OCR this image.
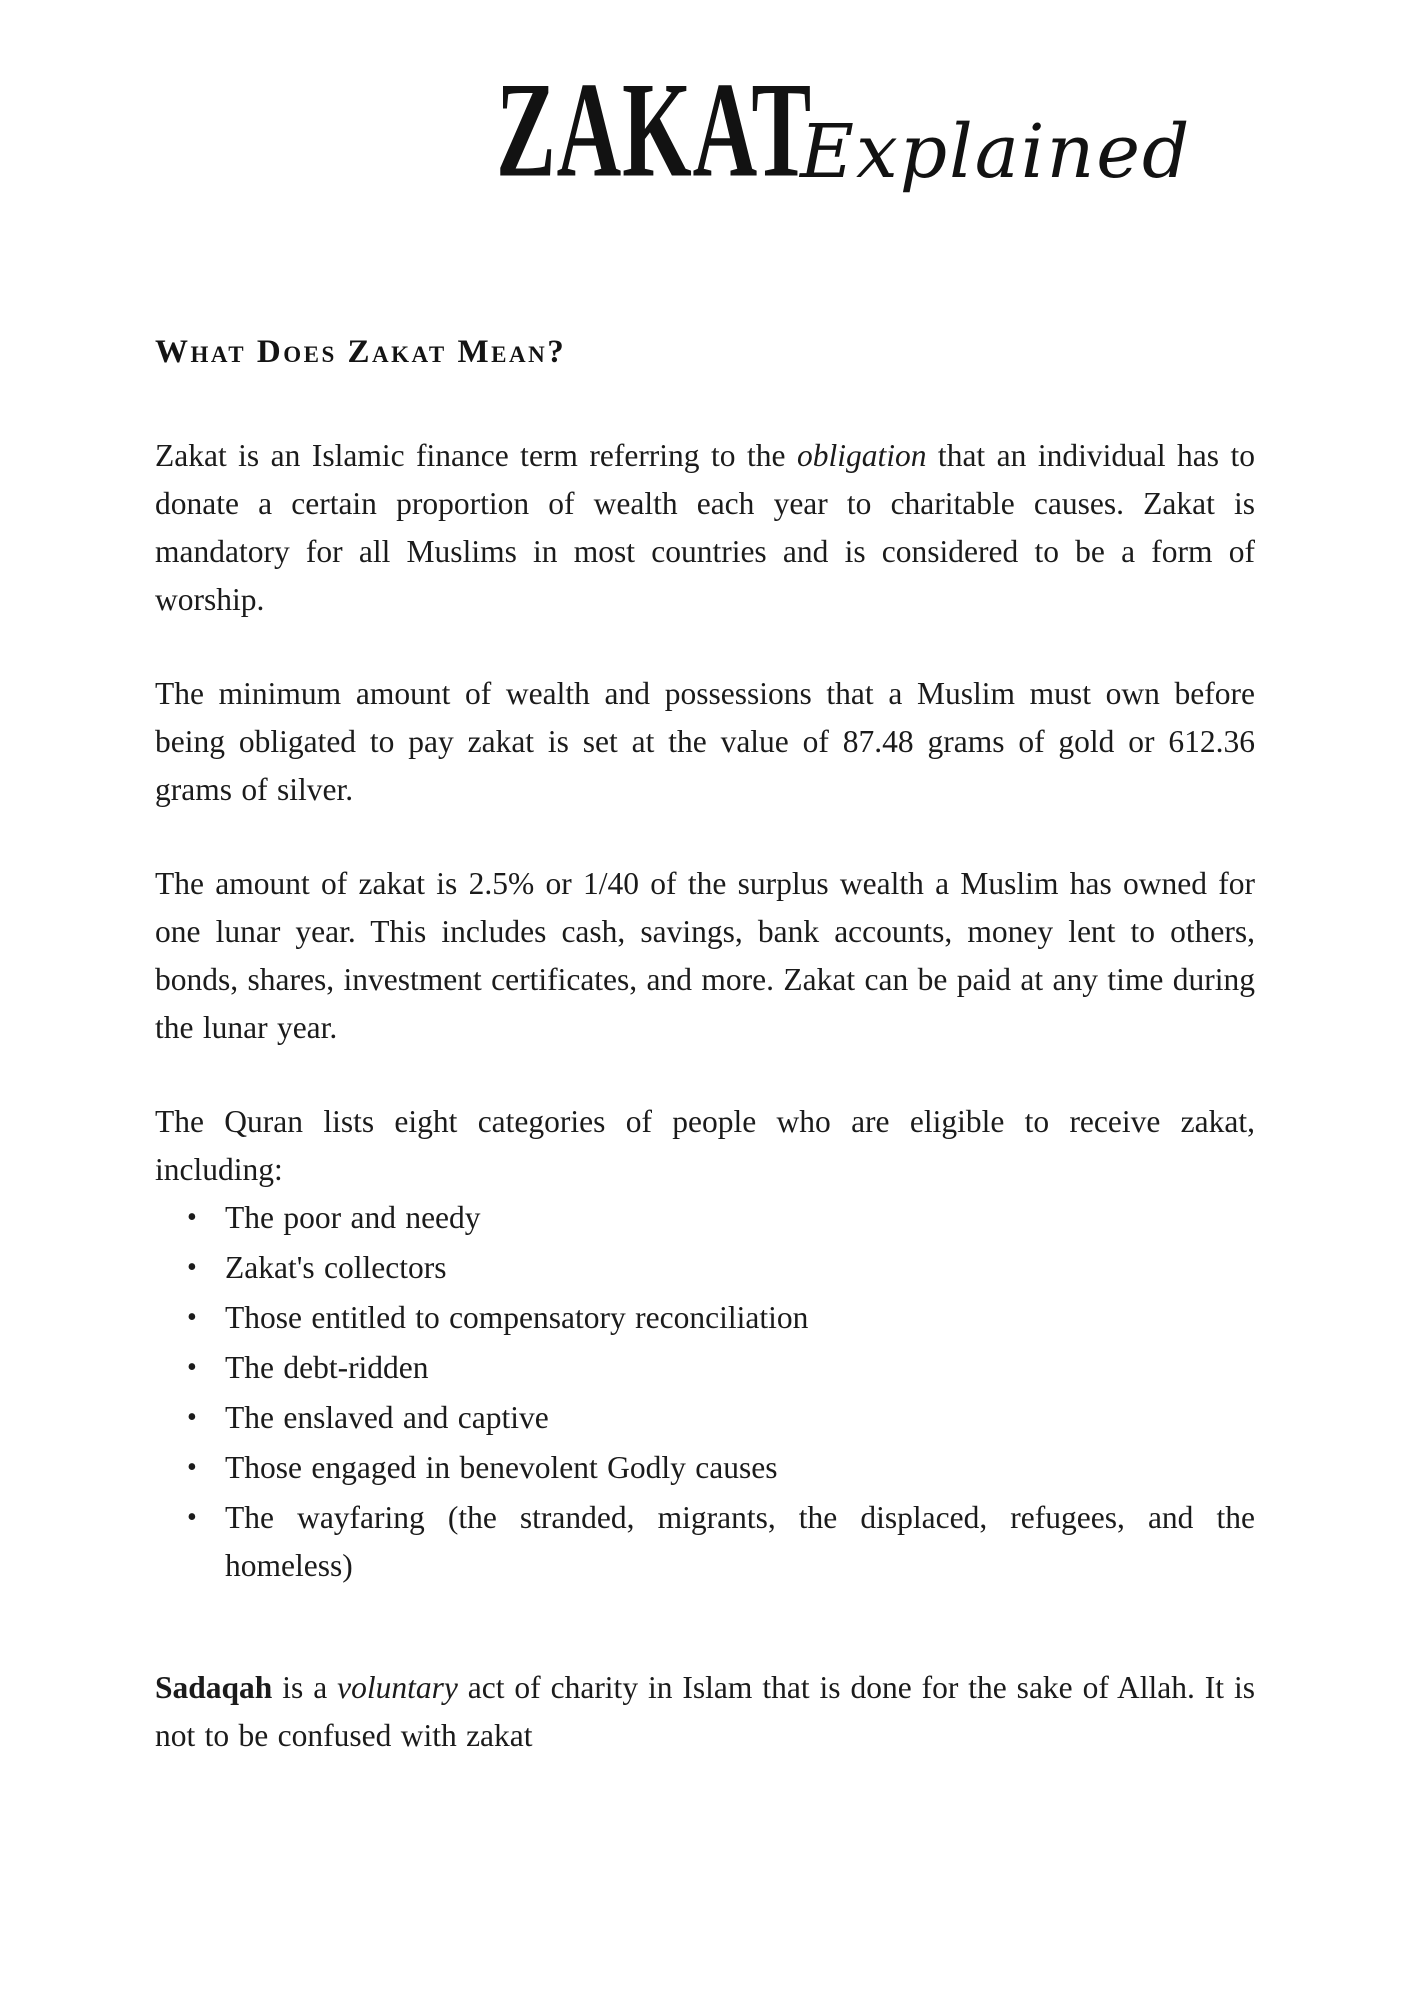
ZAKAT
Explained
What Does Zakat Mean?

Zakat is an Islamic finance term referring to the obligation that an individual has to donate a certain proportion of wealth each year to charitable causes. Zakat is mandatory for all Muslims in most countries and is considered to be a form of worship.

The minimum amount of wealth and possessions that a Muslim must own before being obligated to pay zakat is set at the value of 87.48 grams of gold or 612.36 grams of silver.

The amount of zakat is 2.5% or 1/40 of the surplus wealth a Muslim has owned for one lunar year. This includes cash, savings, bank accounts, money lent to others, bonds, shares, investment certificates, and more. Zakat can be paid at any time during the lunar year.

The Quran lists eight categories of people who are eligible to receive zakat, including:

• The poor and needy
• Zakat's collectors
• Those entitled to compensatory reconciliation
• The debt-ridden
• The enslaved and captive
• Those engaged in benevolent Godly causes
• The wayfaring (the stranded, migrants, the displaced, refugees, and the homeless)

Sadaqah is a voluntary act of charity in Islam that is done for the sake of Allah. It is not to be confused with zakat
